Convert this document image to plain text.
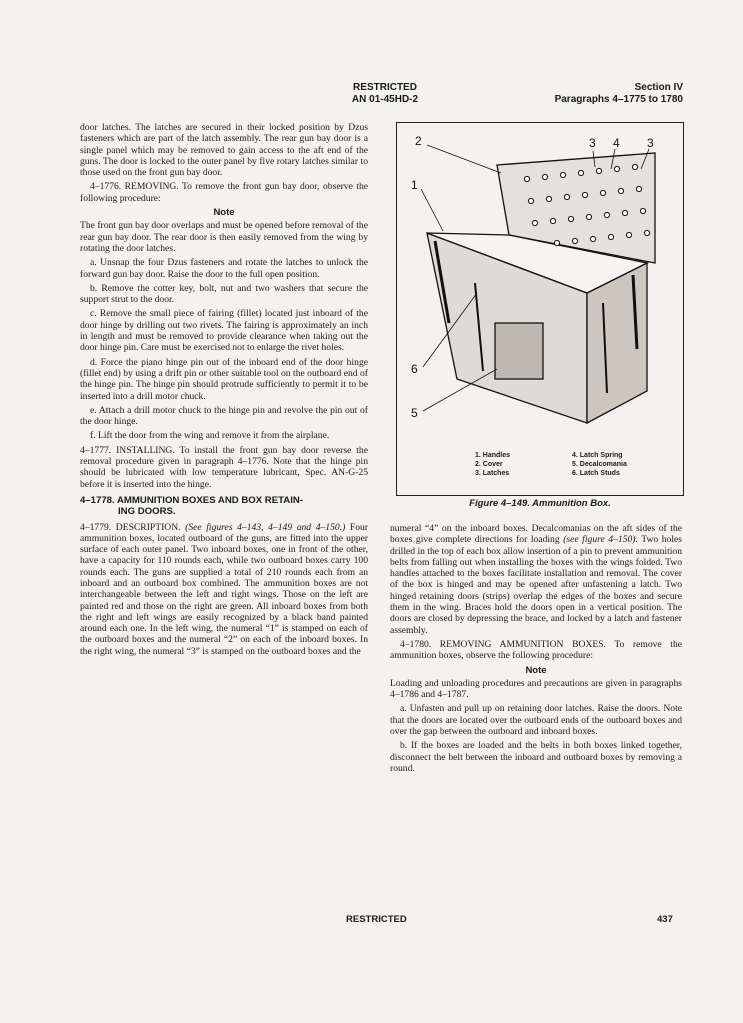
RESTRICTED
AN 01-45HD-2
Section IV
Paragraphs 4–1775 to 1780

door latches. The latches are secured in their locked position by Dzus fasteners which are part of the latch assembly. The rear gun bay door is a single panel which may be removed to gain access to the aft end of the guns. The door is locked to the outer panel by five rotary latches similar to those used on the front gun bay door.

4–1776. REMOVING. To remove the front gun bay door, observe the following procedure:

Note

The front gun bay door overlaps and must be opened before removal of the rear gun bay door. The rear door is then easily removed from the wing by rotating the door latches.

a. Unsnap the four Dzus fasteners and rotate the latches to unlock the forward gun bay door. Raise the door to the full open position.

b. Remove the cotter key, bolt, nut and two washers that secure the support strut to the door.

c. Remove the small piece of fairing (fillet) located just inboard of the door hinge by drilling out two rivets. The fairing is approximately an inch in length and must be removed to provide clearance when taking out the door hinge pin. Care must be exercised not to enlarge the rivet holes.

d. Force the piano hinge pin out of the inboard end of the door hinge (fillet end) by using a drift pin or other suitable tool on the outboard end of the hinge pin. The hinge pin should protrude sufficiently to permit it to be inserted into a drill motor chuck.

e. Attach a drill motor chuck to the hinge pin and revolve the pin out of the door hinge.

f. Lift the door from the wing and remove it from the airplane.

4–1777. INSTALLING. To install the front gun bay door reverse the removal procedure given in paragraph 4–1776. Note that the hinge pin should be lubricated with low temperature lubricant, Spec. AN-G-25 before it is inserted into the hinge.

4–1778. AMMUNITION BOXES AND BOX RETAIN-
ING DOORS.

4–1779. DESCRIPTION. (See figures 4–143, 4–149 and 4–150.) Four ammunition boxes, located outboard of the guns, are fitted into the upper surface of each outer panel. Two inboard boxes, one in front of the other, have a capacity for 110 rounds each, while two outboard boxes carry 100 rounds each. The guns are supplied a total of 210 rounds each from an inboard and an outboard box combined. The ammunition boxes are not interchangeable between the left and right wings. Those on the left are painted red and those on the right are green. All inboard boxes from both the right and left wings are easily recognized by a black band painted around each one. In the left wing, the numeral “1” is stamped on each of the outboard boxes and the numeral “2” on each of the inboard boxes. In the right wing, the numeral “3” is stamped on the outboard boxes and the

2
1
3 4 3
6
5
1. Handles
2. Cover
3. Latches
4. Latch Spring
5. Decalcomania
6. Latch Studs
Figure 4–149. Ammunition Box.

numeral “4” on the inboard boxes. Decalcomanias on the aft sides of the boxes give complete directions for loading (see figure 4–150). Two holes drilled in the top of each box allow insertion of a pin to prevent ammunition belts from falling out when installing the boxes with the wings folded. Two handles attached to the boxes facilitate installation and removal. The cover of the box is hinged and may be opened after unfastening a latch. Two hinged retaining doors (strips) overlap the edges of the boxes and secure them in the wing. Braces hold the doors open in a vertical position. The doors are closed by depressing the brace, and locked by a latch and fastener assembly.

4–1780. REMOVING AMMUNITION BOXES. To remove the ammunition boxes, observe the following procedure:

Note

Loading and unloading procedures and precautions are given in paragraphs 4–1786 and 4–1787.

a. Unfasten and pull up on retaining door latches. Raise the doors. Note that the doors are located over the outboard ends of the outboard boxes and over the gap between the outboard and inboard boxes.

b. If the boxes are loaded and the belts in both boxes linked together, disconnect the belt between the inboard and outboard boxes by removing a round.

RESTRICTED	437
